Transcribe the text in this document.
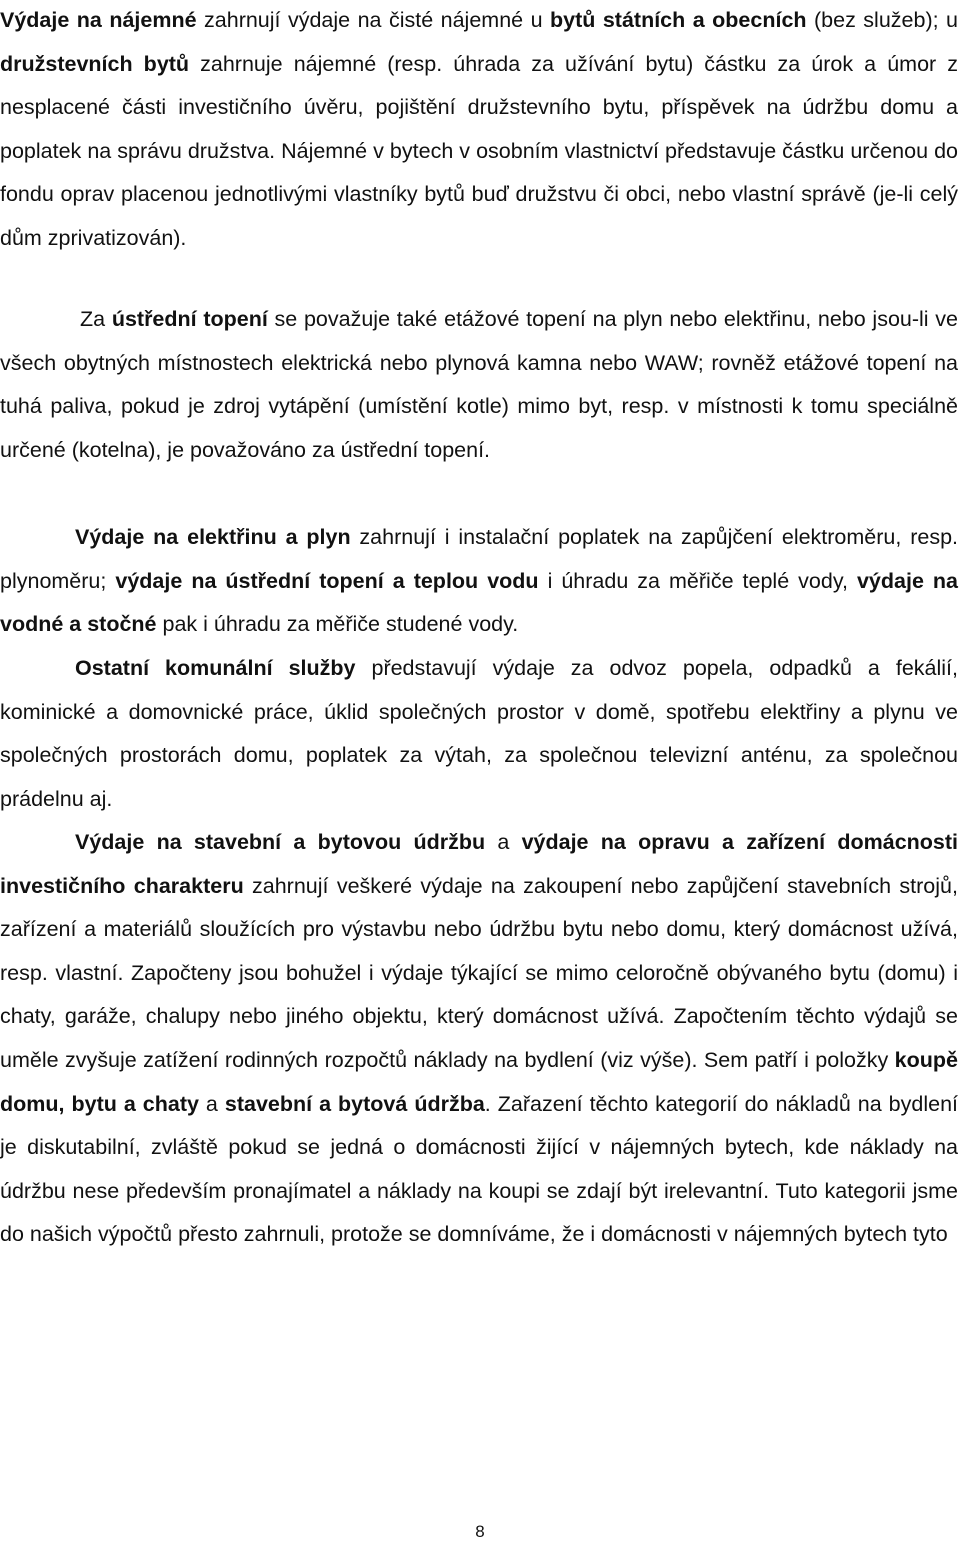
Výdaje na nájemné zahrnují výdaje na čisté nájemné u bytů státních a obecních (bez služeb); u družstevních bytů zahrnuje nájemné (resp. úhrada za užívání bytu) částku za úrok a úmor z nesplacené části investičního úvěru, pojištění družstevního bytu, příspěvek na údržbu domu a poplatek na správu družstva. Nájemné v bytech v osobním vlastnictví představuje částku určenou do fondu oprav placenou jednotlivými vlastníky bytů buď družstvu či obci, nebo vlastní správě (je-li celý dům zprivatizován).

Za ústřední topení se považuje také etážové topení na plyn nebo elektřinu, nebo jsou-li ve všech obytných místnostech elektrická nebo plynová kamna nebo WAW; rovněž etážové topení na tuhá paliva, pokud je zdroj vytápění (umístění kotle) mimo byt, resp. v místnosti k tomu speciálně určené (kotelna), je považováno za ústřední topení.

Výdaje na elektřinu a plyn zahrnují i instalační poplatek na zapůjčení elektroměru, resp. plynoměru; výdaje na ústřední topení a teplou vodu i úhradu za měřiče teplé vody, výdaje na vodné a stočné pak i úhradu za měřiče studené vody.

Ostatní komunální služby představují výdaje za odvoz popela, odpadků a fekálií, kominické a domovnické práce, úklid společných prostor v domě, spotřebu elektřiny a plynu ve společných prostorách domu, poplatek za výtah, za společnou televizní anténu, za společnou prádelnu aj.

Výdaje na stavební a bytovou údržbu a výdaje na opravu a zařízení domácnosti investičního charakteru zahrnují veškeré výdaje na zakoupení nebo zapůjčení stavebních strojů, zařízení a materiálů sloužících pro výstavbu nebo údržbu bytu nebo domu, který domácnost užívá, resp. vlastní. Započteny jsou bohužel i výdaje týkající se mimo celoročně obývaného bytu (domu) i chaty, garáže, chalupy nebo jiného objektu, který domácnost užívá. Započtením těchto výdajů se uměle zvyšuje zatížení rodinných rozpočtů náklady na bydlení (viz výše). Sem patří i položky koupě domu, bytu a chaty a stavební a bytová údržba. Zařazení těchto kategorií do nákladů na bydlení je diskutabilní, zvláště pokud se jedná o domácnosti žijící v nájemných bytech, kde náklady na údržbu nese především pronajímatel a náklady na koupi se zdají být irelevantní. Tuto kategorii jsme do našich výpočtů přesto zahrnuli, protože se domníváme, že i domácnosti v nájemných bytech tyto

8
